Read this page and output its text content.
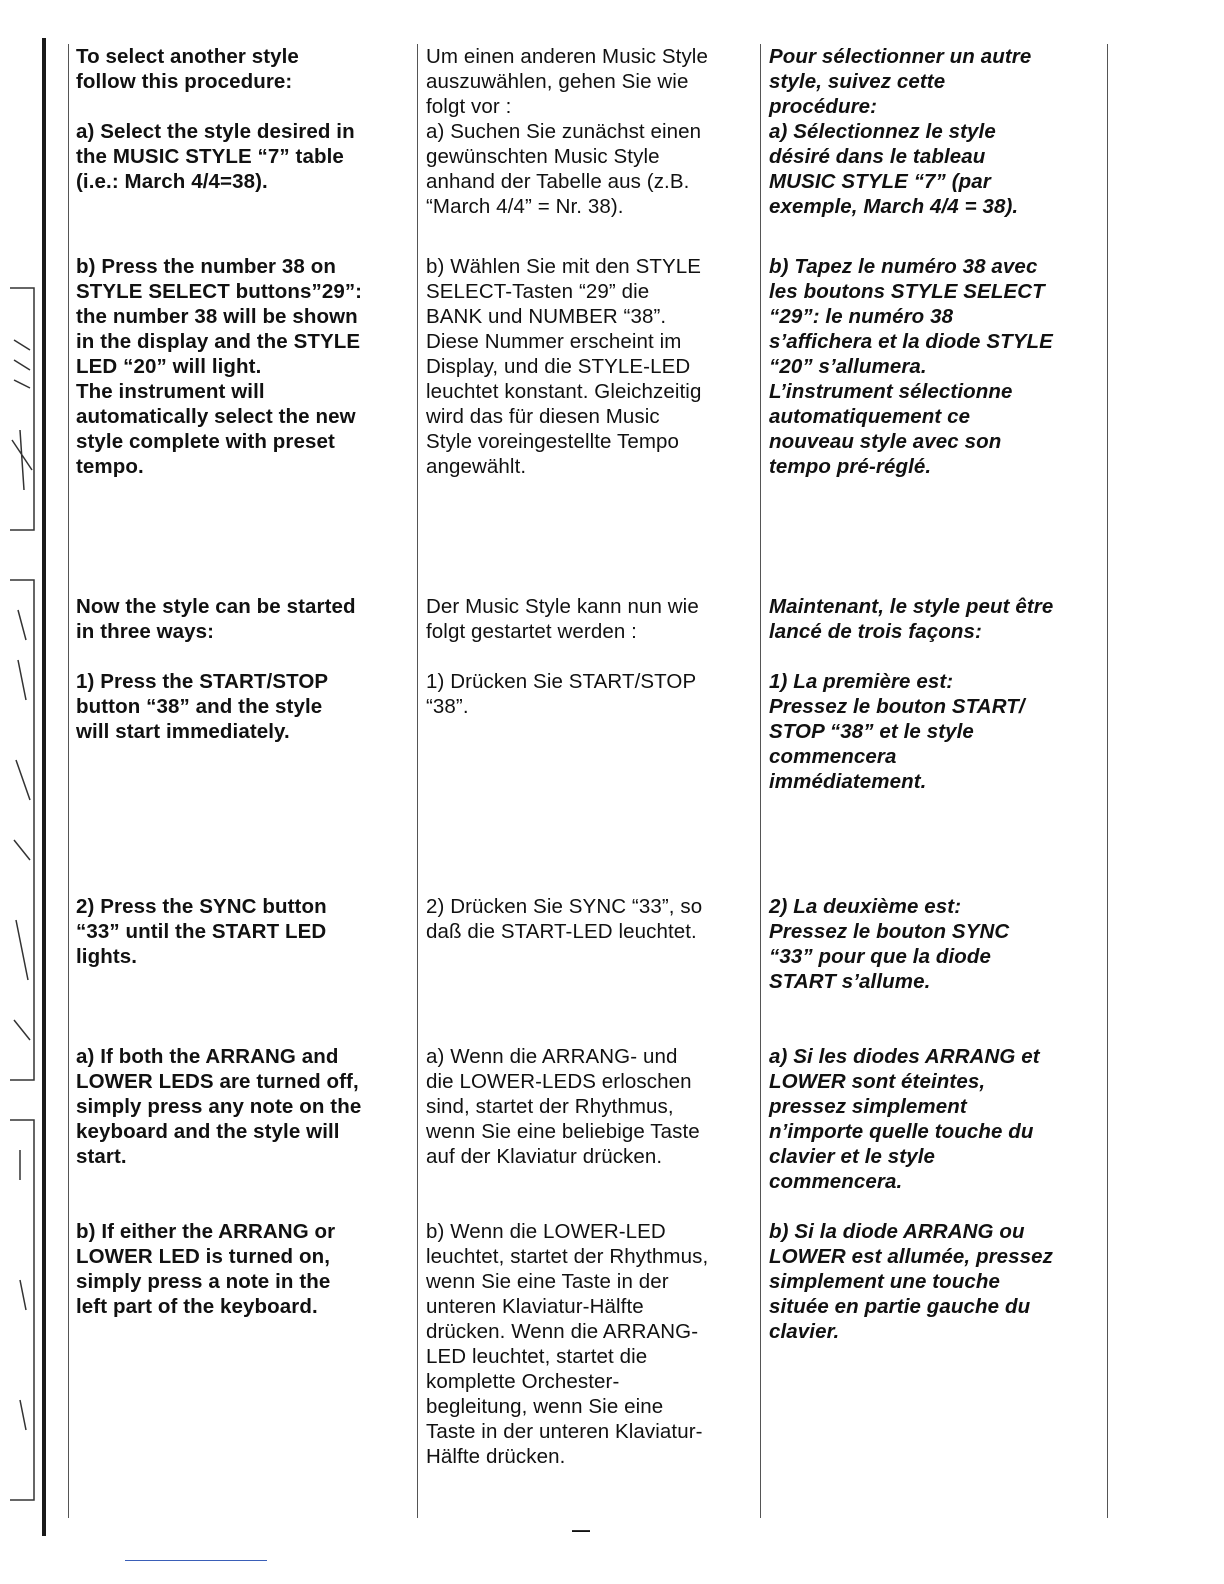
To select another style
follow this procedure:
a) Select the style desired in
the MUSIC STYLE “7” table
(i.e.: March 4/4=38).
Um einen anderen Music Style
auszuwählen, gehen Sie wie
folgt vor :
a) Suchen Sie zunächst einen
gewünschten Music Style
anhand der Tabelle aus (z.B.
“March 4/4” = Nr. 38).
Pour sélectionner un autre
style, suivez cette
procédure:
a) Sélectionnez le style
désiré dans le tableau
MUSIC STYLE “7” (par
exemple, March 4/4 = 38).
b) Press the number 38 on
STYLE SELECT buttons”29”:
the number 38 will be shown
in the display and the STYLE
LED “20” will light.
The instrument will
automatically select the new
style complete with preset
tempo.
b) Wählen Sie mit den STYLE
SELECT-Tasten “29” die
BANK und NUMBER “38”.
Diese Nummer erscheint im
Display, und die STYLE-LED
leuchtet konstant. Gleichzeitig
wird das für diesen Music
Style voreingestellte Tempo
angewählt.
b) Tapez le numéro 38 avec
les boutons STYLE SELECT
“29”: le numéro 38
s’affichera et la diode STYLE
“20” s’allumera.
L’instrument sélectionne
automatiquement ce
nouveau style avec son
tempo pré-réglé.
Now the style can be started
in three ways:
1) Press the START/STOP
button “38” and the style
will start immediately.
Der Music Style kann nun wie
folgt gestartet werden :
1) Drücken Sie START/STOP
“38”.
Maintenant, le style peut être
lancé de trois façons:
1) La première est:
Pressez le bouton START/
STOP “38” et le style
commencera
immédiatement.
2) Press the SYNC button
“33” until the START LED
lights.
2) Drücken Sie SYNC “33”, so
daß die START-LED leuchtet.
2) La deuxième est:
Pressez le bouton SYNC
“33” pour que la diode
START s’allume.
a) If both the ARRANG and
LOWER LEDS are turned off,
simply press any note on the
keyboard and the style will
start.
a) Wenn die ARRANG- und
die LOWER-LEDS erloschen
sind, startet der Rhythmus,
wenn Sie eine beliebige Taste
auf der Klaviatur drücken.
a) Si les diodes ARRANG et
LOWER sont éteintes,
pressez simplement
n’importe quelle touche du
clavier et le style
commencera.
b) If either the ARRANG or
LOWER LED is turned on,
simply press a note in the
left part of the keyboard.
b) Wenn die LOWER-LED
leuchtet, startet der Rhythmus,
wenn Sie eine Taste in der
unteren Klaviatur-Hälfte
drücken. Wenn die ARRANG-
LED leuchtet, startet die
komplette Orchester-
begleitung, wenn Sie eine
Taste in der unteren Klaviatur-
Hälfte drücken.
b) Si la diode ARRANG ou
LOWER est allumée, pressez
simplement une touche
située en partie gauche du
clavier.
—
